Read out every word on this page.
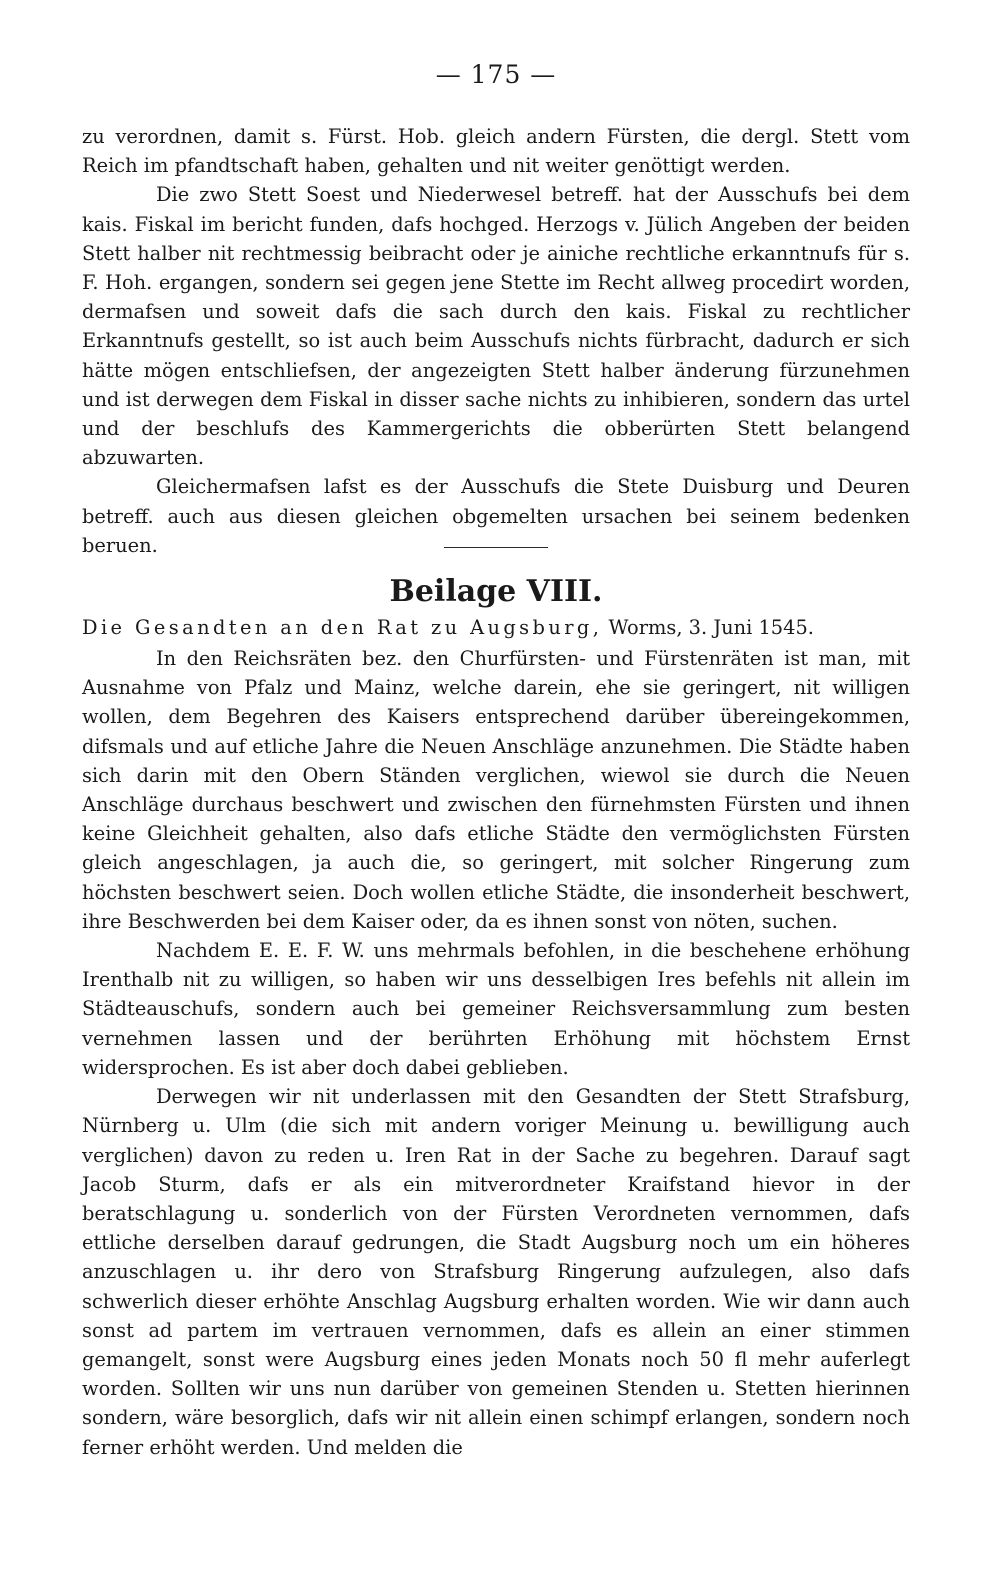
— 175 —

zu verordnen, damit s. Fürst. Hob. gleich andern Fürsten, die dergl. Stett vom Reich im pfandtschaft haben, gehalten und nit weiter genöttigt werden.

Die zwo Stett Soest und Niederwesel betreff. hat der Ausschufs bei dem kais. Fiskal im bericht funden, dafs hochged. Herzogs v. Jülich Angeben der beiden Stett halber nit rechtmessig beibracht oder je ainiche rechtliche erkanntnufs für s. F. Hoh. ergangen, sondern sei gegen jene Stette im Recht allweg procedirt worden, dermafsen und soweit dafs die sach durch den kais. Fiskal zu rechtlicher Erkanntnufs gestellt, so ist auch beim Ausschufs nichts fürbracht, dadurch er sich hätte mögen entschliefsen, der angezeigten Stett halber änderung fürzunehmen und ist derwegen dem Fiskal in disser sache nichts zu inhibieren, sondern das urtel und der beschlufs des Kammergerichts die obberürten Stett belangend abzuwarten.

Gleichermafsen lafst es der Ausschufs die Stete Duisburg und Deuren betreff. auch aus diesen gleichen obgemelten ursachen bei seinem bedenken beruen.

Beilage VIII.
Die Gesandten an den Rat zu Augsburg, Worms, 3. Juni 1545.

In den Reichsräten bez. den Churfürsten- und Fürstenräten ist man, mit Ausnahme von Pfalz und Mainz, welche darein, ehe sie geringert, nit willigen wollen, dem Begehren des Kaisers entsprechend darüber übereingekommen, difsmals und auf etliche Jahre die Neuen Anschläge anzunehmen. Die Städte haben sich darin mit den Obern Ständen verglichen, wiewol sie durch die Neuen Anschläge durchaus beschwert und zwischen den fürnehmsten Fürsten und ihnen keine Gleichheit gehalten, also dafs etliche Städte den vermöglichsten Fürsten gleich angeschlagen, ja auch die, so geringert, mit solcher Ringerung zum höchsten beschwert seien. Doch wollen etliche Städte, die insonderheit beschwert, ihre Beschwerden bei dem Kaiser oder, da es ihnen sonst von nöten, suchen.

Nachdem E. E. F. W. uns mehrmals befohlen, in die beschehene erhöhung Irenthalb nit zu willigen, so haben wir uns desselbigen Ires befehls nit allein im Städteauschufs, sondern auch bei gemeiner Reichsversammlung zum besten vernehmen lassen und der berührten Erhöhung mit höchstem Ernst widersprochen. Es ist aber doch dabei geblieben.

Derwegen wir nit underlassen mit den Gesandten der Stett Strafsburg, Nürnberg u. Ulm (die sich mit andern voriger Meinung u. bewilligung auch verglichen) davon zu reden u. Iren Rat in der Sache zu begehren. Darauf sagt Jacob Sturm, dafs er als ein mitverordneter Kraifstand hievor in der beratschlagung u. sonderlich von der Fürsten Verordneten vernommen, dafs ettliche derselben darauf gedrungen, die Stadt Augsburg noch um ein höheres anzuschlagen u. ihr dero von Strafsburg Ringerung aufzulegen, also dafs schwerlich dieser erhöhte Anschlag Augsburg erhalten worden. Wie wir dann auch sonst ad partem im vertrauen vernommen, dafs es allein an einer stimmen gemangelt, sonst were Augsburg eines jeden Monats noch 50 fl mehr auferlegt worden. Sollten wir uns nun darüber von gemeinen Stenden u. Stetten hierinnen sondern, wäre besorglich, dafs wir nit allein einen schimpf erlangen, sondern noch ferner erhöht werden. Und melden die
